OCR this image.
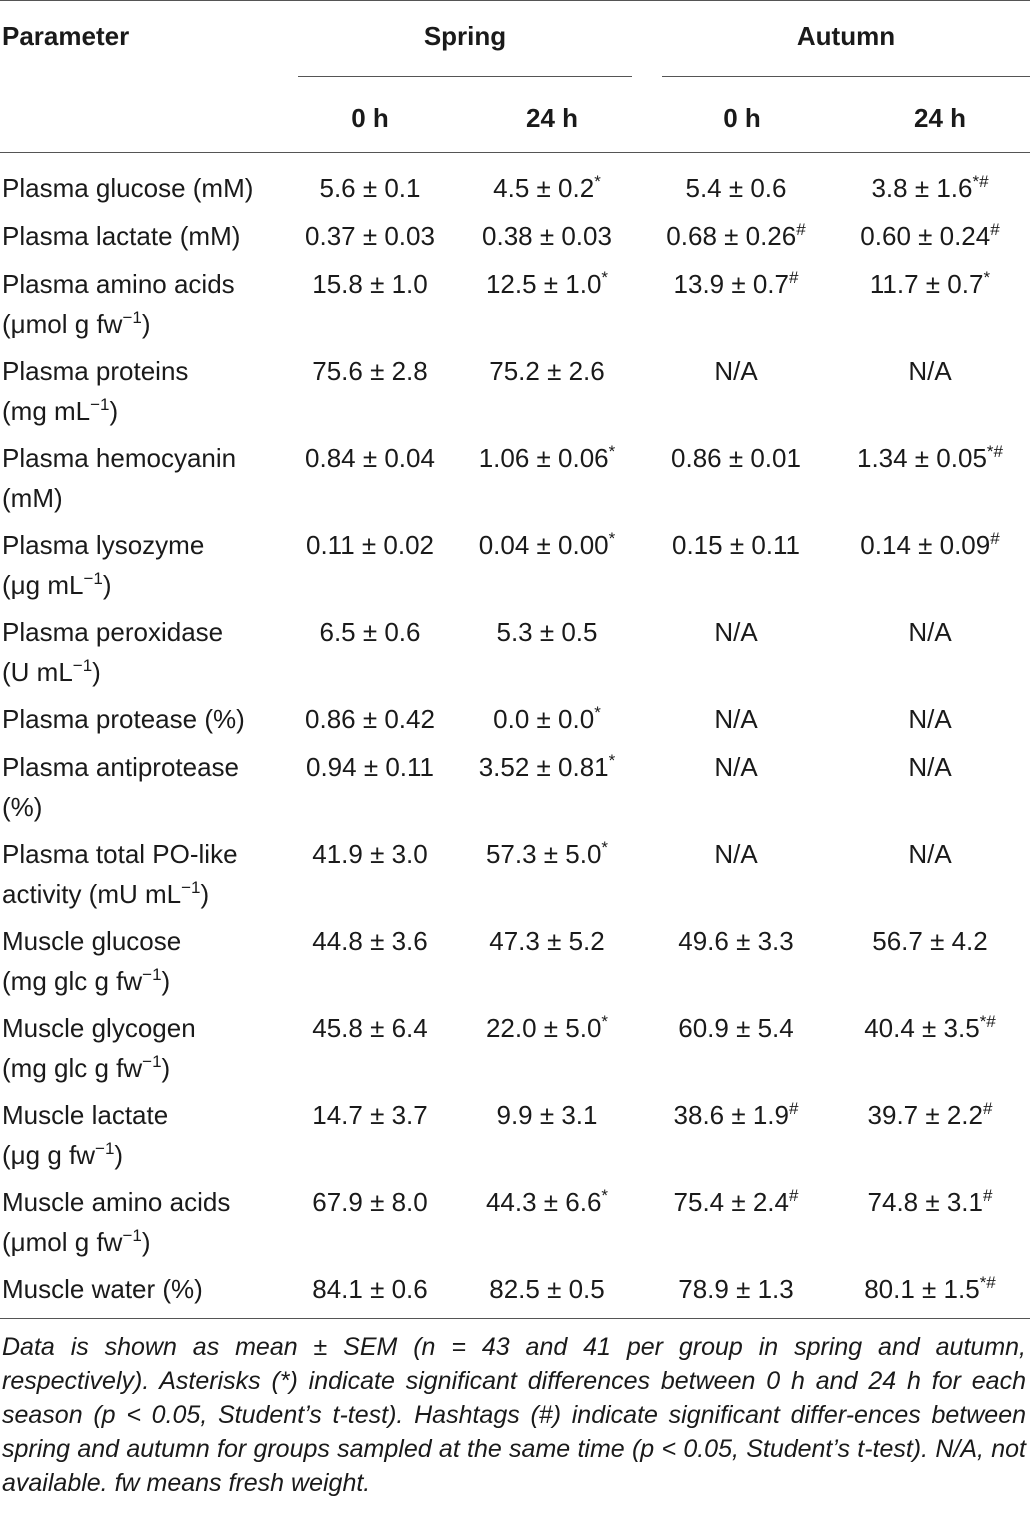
Parameter	Spring	Autumn
0 h	24 h	0 h	24 h
Plasma glucose (mM)	5.6 ± 0.1	4.5 ± 0.2*	5.4 ± 0.6	3.8 ± 1.6*#
Plasma lactate (mM)	0.37 ± 0.03	0.38 ± 0.03	0.68 ± 0.26#	0.60 ± 0.24#
Plasma amino acids
(μmol g $fw^{-1}$)	15.8 ± 1.0	12.5 ± 1.0*	13.9 ± 0.7#	11.7 ± 0.7*
Plasma proteins
(mg $mL^{-1}$)	75.6 ± 2.8	75.2 ± 2.6	N/A	N/A
Plasma hemocyanin
(mM)	0.84 ± 0.04	1.06 ± 0.06*	0.86 ± 0.01	1.34 ± 0.05*#
Plasma lysozyme
(μg $mL^{-1}$)	0.11 ± 0.02	0.04 ± 0.00*	0.15 ± 0.11	0.14 ± 0.09#
Plasma peroxidase
(U $mL^{-1}$)	6.5 ± 0.6	5.3 ± 0.5	N/A	N/A
Plasma protease (%)	0.86 ± 0.42	0.0 ± 0.0*	N/A	N/A
Plasma antiprotease
(%)	0.94 ± 0.11	3.52 ± 0.81*	N/A	N/A
Plasma total PO-like
activity (mU $mL^{-1}$)	41.9 ± 3.0	57.3 ± 5.0*	N/A	N/A
Muscle glucose
(mg glc g $fw^{-1}$)	44.8 ± 3.6	47.3 ± 5.2	49.6 ± 3.3	56.7 ± 4.2
Muscle glycogen
(mg glc g $fw^{-1}$)	45.8 ± 6.4	22.0 ± 5.0*	60.9 ± 5.4	40.4 ± 3.5*#
Muscle lactate
(μg g $fw^{-1}$)	14.7 ± 3.7	9.9 ± 3.1	38.6 ± 1.9#	39.7 ± 2.2#
Muscle amino acids
(μmol g $fw^{-1}$)	67.9 ± 8.0	44.3 ± 6.6*	75.4 ± 2.4#	74.8 ± 3.1#
Muscle water (%)	84.1 ± 0.6	82.5 ± 0.5	78.9 ± 1.3	80.1 ± 1.5*#
Data is shown as mean ± SEM (n = 43 and 41 per group in spring and autumn, respectively). Asterisks (*) indicate significant differences between 0 h and 24 h for each season (p < 0.05, Student’s t-test). Hashtags (#) indicate significant differ-ences between spring and autumn for groups sampled at the same time (p < 0.05, Student’s t-test). N/A, not available. fw means fresh weight.
